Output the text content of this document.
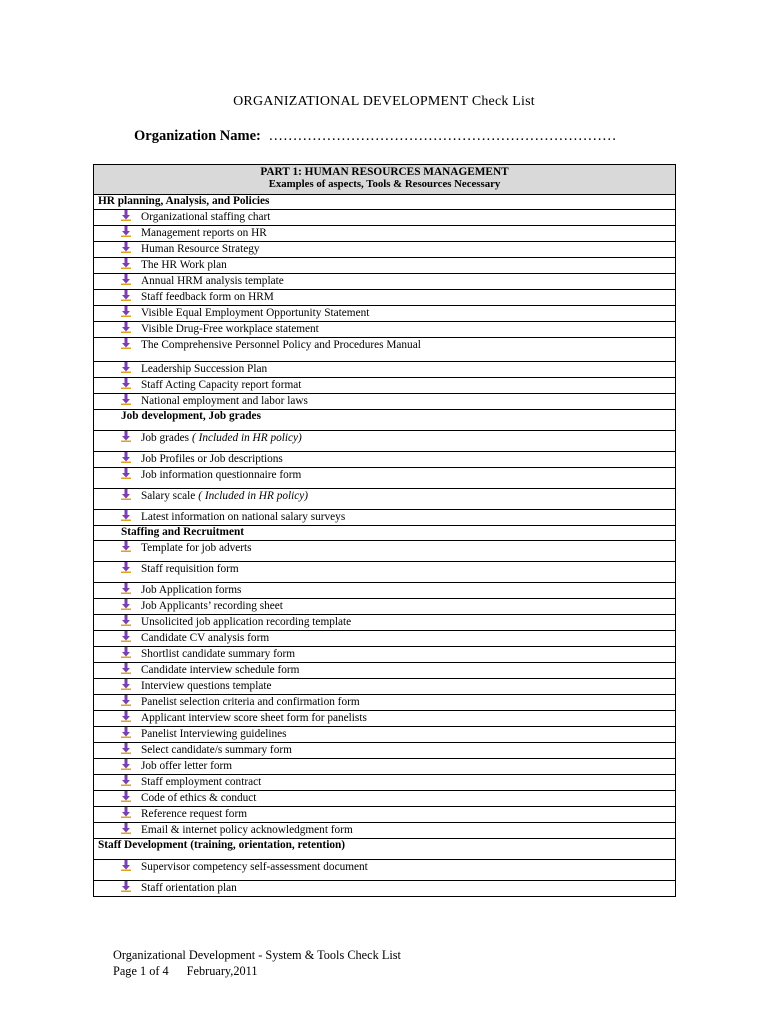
ORGANIZATIONAL DEVELOPMENT Check List
Organization Name: ………………………………………………………………
PART 1: HUMAN RESOURCES MANAGEMENT
Examples of aspects, Tools & Resources Necessary

HR planning, Analysis, and Policies

Organizational staffing chart

Management reports on HR

Human Resource Strategy

The HR Work plan

Annual HRM analysis template

Staff feedback form on HRM

Visible Equal Employment Opportunity Statement

Visible Drug-Free workplace statement

The Comprehensive Personnel Policy and Procedures Manual

Leadership Succession Plan

Staff Acting Capacity report format

National employment and labor laws
Job development, Job grades

Job grades ( Included in HR policy)

Job Profiles or Job descriptions

Job information questionnaire form

Salary scale ( Included in HR policy)

Latest information on national salary surveys
Staffing and Recruitment

Template for job adverts

Staff requisition form

Job Application forms

Job Applicants’ recording sheet

Unsolicited job application recording template

Candidate CV analysis form

Shortlist candidate summary form

Candidate interview schedule form

Interview questions template

Panelist selection criteria and confirmation form

Applicant interview score sheet form for panelists

Panelist Interviewing guidelines

Select candidate/s summary form

Job offer letter form

Staff employment contract

Code of ethics & conduct

Reference request form

Email & internet policy acknowledgment form
Staff Development (training, orientation, retention)

Supervisor competency self-assessment document

Staff orientation plan
Organizational Development - System & Tools Check List
Page 1 of 4 February,2011
